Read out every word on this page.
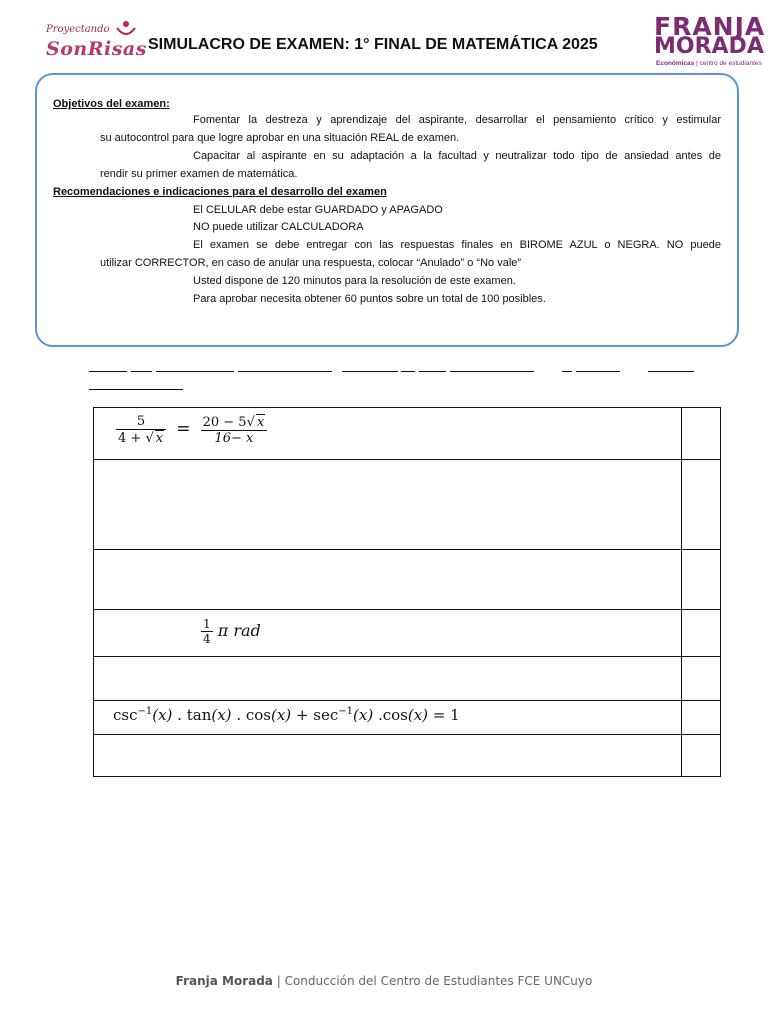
Proyectando
SonRisas SIMULACRO DE EXAMEN: 1° FINAL DE MATEMÁTICA 2025
FRANJA
MORADA
Económicas | centro de estudiantes
Objetivos del examen:
Fomentar la destreza y aprendizaje del aspirante, desarrollar el pensamiento crítico y estimular
su autocontrol para que logre aprobar en una situación REAL de examen.
Capacitar al aspirante en su adaptación a la facultad y neutralizar todo tipo de ansiedad antes de
rendir su primer examen de matemática.
Recomendaciones e indicaciones para el desarrollo del examen
El CELULAR debe estar GUARDADO y APAGADO
NO puede utilizar CALCULADORA
El examen se debe entregar con las respuestas finales en BIROME AZUL o NEGRA. NO puede
utilizar CORRECTOR, en caso de anular una respuesta, colocar “Anulado” o “No vale”
Usted dispone de 120 minutos para la resolución de este examen.
Para aprobar necesita obtener 60 puntos sobre un total de 100 posibles.
$\frac{5}{4 + √ x} = \frac{20 - 5√ x}{16- x}$
$\frac{1}{4}$ π rad
$\csc^{-1}(x)$ . tan(x) . $\cos(x) + \sec^{-1}(x) .\cos(x) = 1$
Franja Morada | Conducción del Centro de Estudiantes FCE UNCuyo
